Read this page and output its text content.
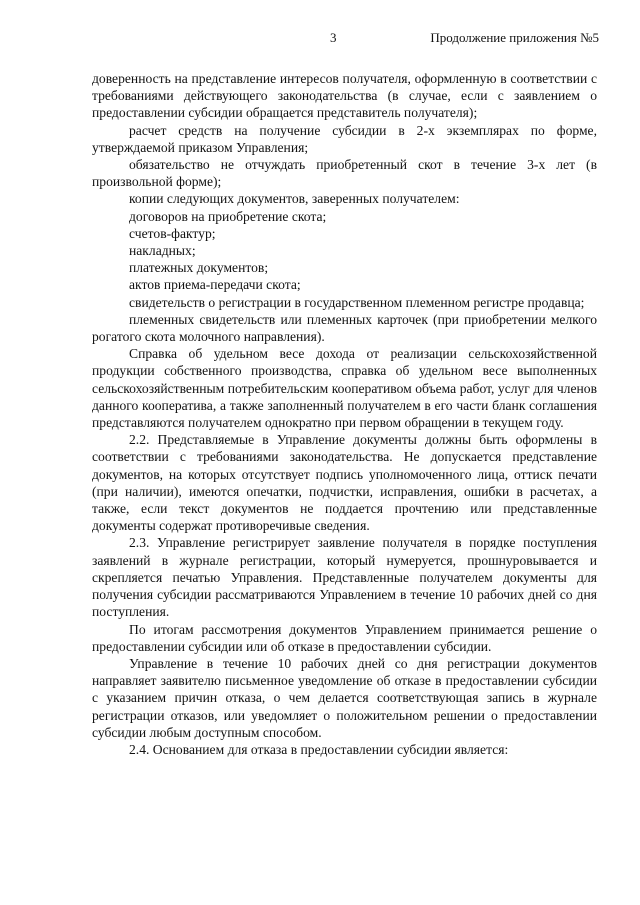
3	Продолжение приложения №5

доверенность на представление интересов получателя, оформленную в соответствии с требованиями действующего законодательства (в случае, если с заявлением о предоставлении субсидии обращается представитель получателя);

расчет средств на получение субсидии в 2-х экземплярах по форме, утверждаемой приказом Управления;

обязательство не отчуждать приобретенный скот в течение 3-х лет (в произвольной форме);

копии следующих документов, заверенных получателем:

договоров на приобретение скота;

счетов-фактур;

накладных;

платежных документов;

актов приема-передачи скота;

свидетельств о регистрации в государственном племенном регистре продавца;

племенных свидетельств или племенных карточек (при приобретении мелкого рогатого скота молочного направления).

Справка об удельном весе дохода от реализации сельскохозяйственной продукции собственного производства, справка об удельном весе выполненных сельскохозяйственным потребительским кооперативом объема работ, услуг для членов данного кооператива, а также заполненный получателем в его части бланк соглашения представляются получателем однократно при первом обращении в текущем году.

2.2. Представляемые в Управление документы должны быть оформлены в соответствии с требованиями законодательства. Не допускается представление документов, на которых отсутствует подпись уполномоченного лица, оттиск печати (при наличии), имеются опечатки, подчистки, исправления, ошибки в расчетах, а также, если текст документов не поддается прочтению или представленные документы содержат противоречивые сведения.

2.3. Управление регистрирует заявление получателя в порядке поступления заявлений в журнале регистрации, который нумеруется, прошнуровывается и скрепляется печатью Управления. Представленные получателем документы для получения субсидии рассматриваются Управлением в течение 10 рабочих дней со дня поступления.

По итогам рассмотрения документов Управлением принимается решение о предоставлении субсидии или об отказе в предоставлении субсидии.

Управление в течение 10 рабочих дней со дня регистрации документов направляет заявителю письменное уведомление об отказе в предоставлении субсидии с указанием причин отказа, о чем делается соответствующая запись в журнале регистрации отказов, или уведомляет о положительном решении о предоставлении субсидии любым доступным способом.

2.4. Основанием для отказа в предоставлении субсидии является:
